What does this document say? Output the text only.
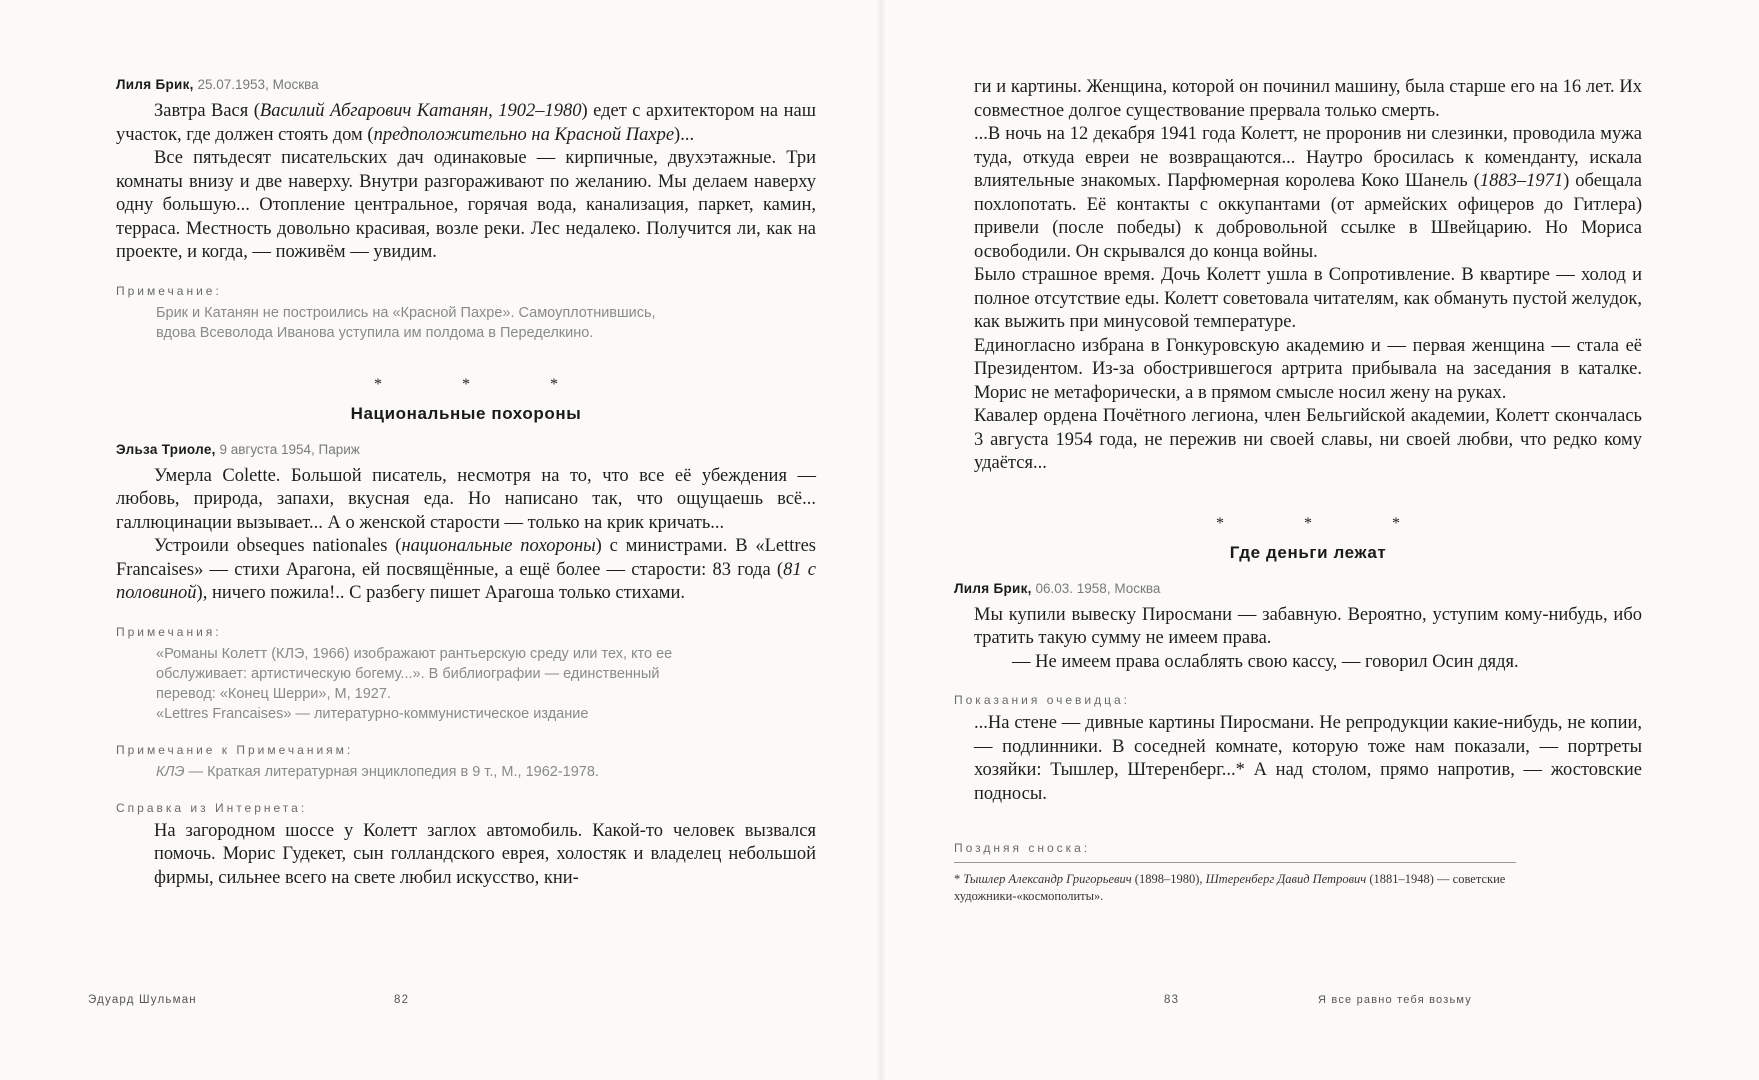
Лиля Брик, 25.07.1953, Москва

Завтра Вася (Василий Абгарович Катанян, 1902–1980) едет с архитектором на наш участок, где должен стоять дом (предположительно на Красной Пахре)...

Все пятьдесят писательских дач одинаковые — кирпичные, двухэтажные. Три комнаты внизу и две наверху. Внутри разгораживают по желанию. Мы делаем наверху одну большую... Отопление центральное, горячая вода, канализация, паркет, камин, терраса. Местность довольно красивая, возле реки. Лес недалеко. Получится ли, как на проекте, и когда, — поживём — увидим.

Примечание:

Брик и Катанян не построились на «Красной Пахре». Самоуплотнившись,

вдова Всеволода Иванова уступила им полдома в Переделкино.

* * *
Национальные похороны
Эльза Триоле, 9 августа 1954, Париж

Умерла Colette. Большой писатель, несмотря на то, что все её убеждения — любовь, природа, запахи, вкусная еда. Но написано так, что ощущаешь всё... галлюцинации вызывает... А о женской старости — только на крик кричать...

Устроили obseques nationales (национальные похороны) с министрами. В «Lettres Francaises» — стихи Арагона, ей посвящённые, а ещё более — старости: 83 года (81 с половиной), ничего пожила!.. С разбегу пишет Арагоша только стихами.

Примечания:

«Романы Колетт (КЛЭ, 1966) изображают рантьерскую среду или тех, кто ее

обслуживает: артистическую богему...». В библиографии — единственный

перевод: «Конец Шерри», М, 1927.

«Lettres Francaises» — литературно-коммунистическое издание

Примечание к Примечаниям:

КЛЭ — Краткая литературная энциклопедия в 9 т., М., 1962-1978.

Справка из Интернета:

На загородном шоссе у Колетт заглох автомобиль. Какой-то человек вызвался помочь. Морис Гудекет, сын голландского еврея, холостяк и владелец небольшой фирмы, сильнее всего на свете любил искусство, кни-

Эдуард Шульман	82

ги и картины. Женщина, которой он починил машину, была старше его на 16 лет. Их совместное долгое существование прервала только смерть.

...В ночь на 12 декабря 1941 года Колетт, не проронив ни слезинки, проводила мужа туда, откуда евреи не возвращаются... Наутро бросилась к коменданту, искала влиятельные знакомых. Парфюмерная королева Коко Шанель (1883–1971) обещала похлопотать. Её контакты с оккупантами (от армейских офицеров до Гитлера) привели (после победы) к добровольной ссылке в Швейцарию. Но Мориса освободили. Он скрывался до конца войны.

Было страшное время. Дочь Колетт ушла в Сопротивление. В квартире — холод и полное отсутствие еды. Колетт советовала читателям, как обмануть пустой желудок, как выжить при минусовой температуре.

Единогласно избрана в Гонкуровскую академию и — первая женщина — стала её Президентом. Из-за обострившегося артрита прибывала на заседания в каталке. Морис не метафорически, а в прямом смысле носил жену на руках.

Кавалер ордена Почётного легиона, член Бельгийской академии, Колетт скончалась 3 августа 1954 года, не пережив ни своей славы, ни своей любви, что редко кому удаётся...

* * *
Где деньги лежат
Лиля Брик, 06.03. 1958, Москва

Мы купили вывеску Пиросмани — забавную. Вероятно, уступим кому-нибудь, ибо тратить такую сумму не имеем права.

— Не имеем права ослаблять свою кассу, — говорил Осин дядя.

Показания очевидца:

...На стене — дивные картины Пиросмани. Не репродукции какие-нибудь, не копии, — подлинники. В соседней комнате, которую тоже нам показали, — портреты хозяйки: Тышлер, Штеренберг...* А над столом, прямо напротив, — жостовские подносы.

Поздняя сноска:

* Тышлер Александр Григорьевич (1898–1980), Штеренберг Давид Петрович (1881–1948) — советские художники-«космополиты».

83	Я все равно тебя возьму
